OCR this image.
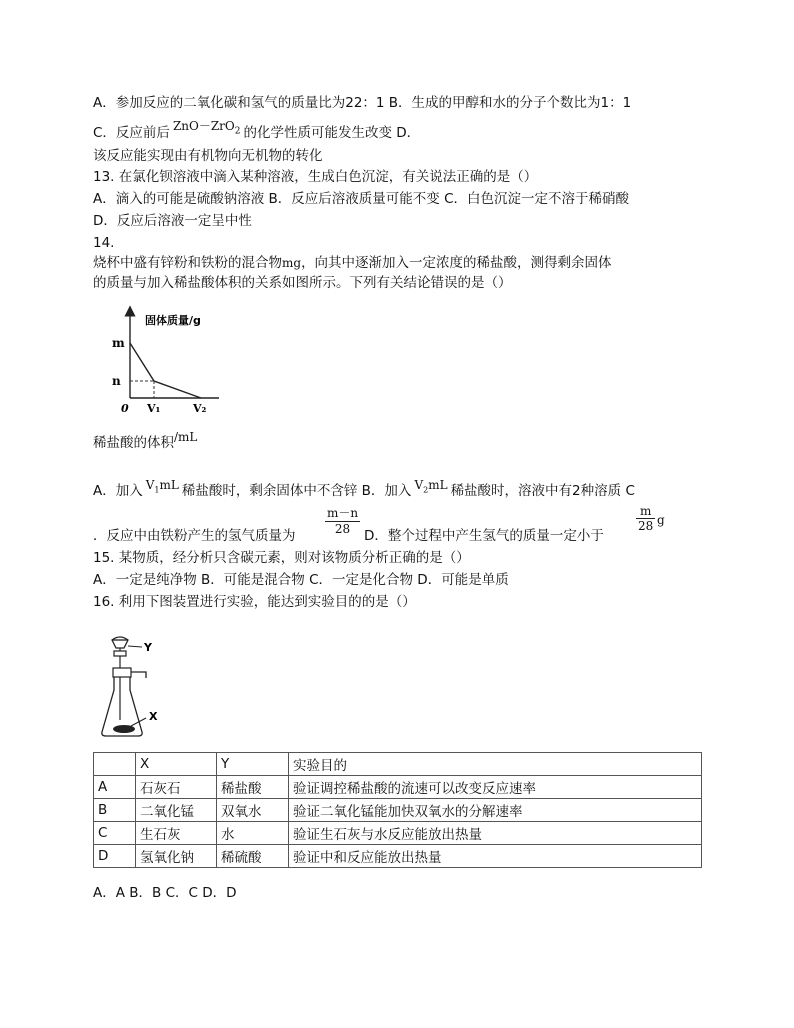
A．参加反应的二氧化碳和氢气的质量比为22：1 B．生成的甲醇和水的分子个数比为1：1
C．反应前后 ZnO－ZrO$_2$ 的化学性质可能发生改变 D．
该反应能实现由有机物向无机物的转化
13. 在氯化钡溶液中滴入某种溶液，生成白色沉淀，有关说法正确的是（）
A．滴入的可能是硫酸钠溶液 B．反应后溶液质量可能不变 C．白色沉淀一定不溶于稀硝酸
D．反应后溶液一定呈中性
14.
烧杯中盛有锌粉和铁粉的混合物mg，向其中逐渐加入一定浓度的稀盐酸，测得剩余固体
的质量与加入稀盐酸体积的关系如图所示。下列有关结论错误的是（）
固体质量/g
m
n
0 V₁	V₂
稀盐酸的体积/mL
A．加入 $V_1mL$ 稀盐酸时，剩余固体中不含锌 B．加入 $V_2mL$ 稀盐酸时，溶液中有2种溶质 C
．反应中由铁粉产生的氢气质量为 $\frac{m-n}{28}$ D．整个过程中产生氢气的质量一定小于
$\frac{m}{28}$ g
15. 某物质，经分析只含碳元素，则对该物质分析正确的是（）
A．一定是纯净物 B．可能是混合物 C．一定是化合物 D．可能是单质
16. 利用下图装置进行实验，能达到实验目的的是（）
Y
X
	X	Y	实验目的
A	石灰石	稀盐酸	验证调控稀盐酸的流速可以改变反应速率
B	二氧化锰	双氧水	验证二氧化锰能加快双氧水的分解速率
C	生石灰	水	验证生石灰与水反应能放出热量
D	氢氧化钠	稀硫酸	验证中和反应能放出热量
A．A B．B C．C D．D
